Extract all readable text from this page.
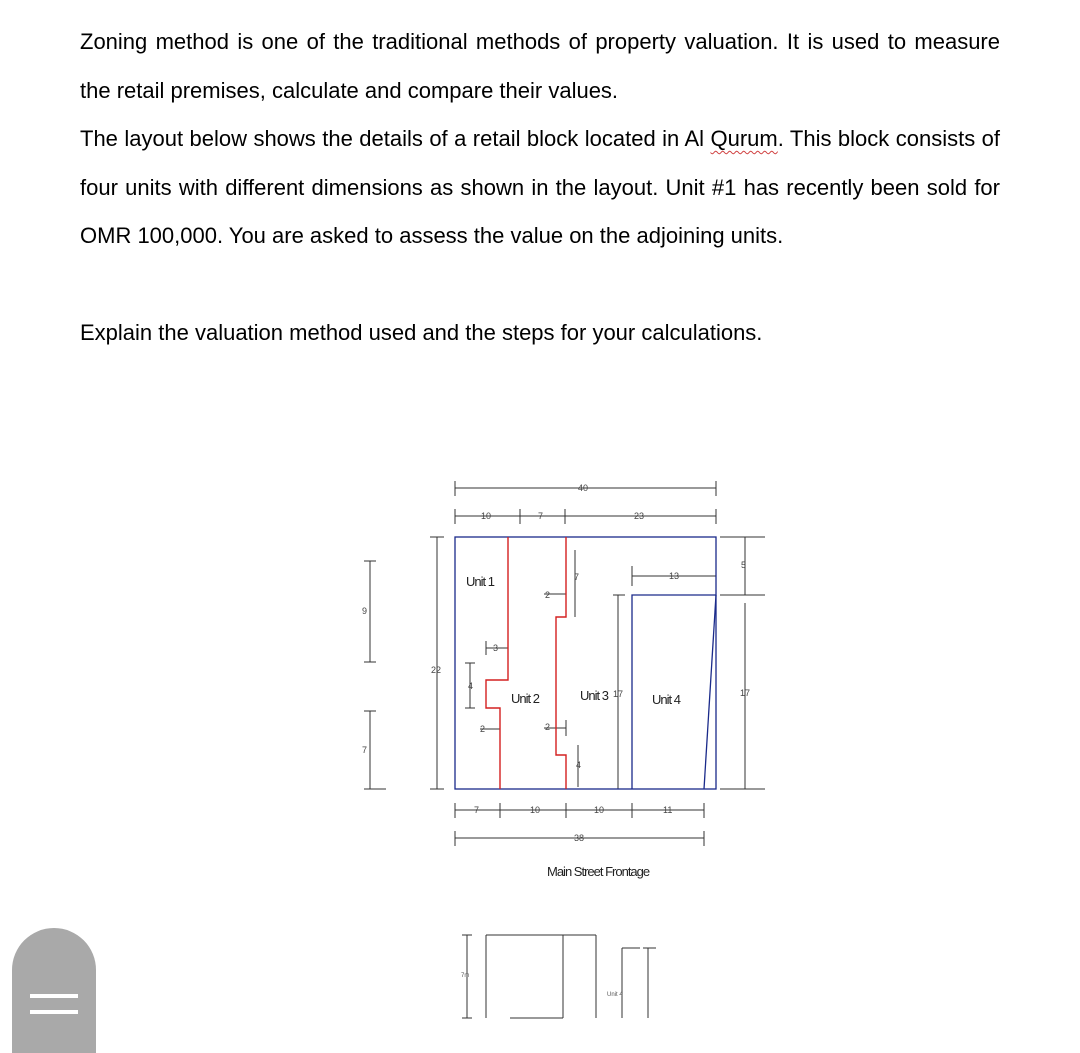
Zoning method is one of the traditional methods of property valuation. It is used to measure the retail premises, calculate and compare their values.

The layout below shows the details of a retail block located in Al Qurum. This block consists of four units with different dimensions as shown in the layout. Unit #1 has recently been sold for OMR 100,000. You are asked to assess the value on the adjoining units.

Explain the valuation method used and the steps for your calculations.

Unit 1
Unit 2	Unit 3	Unit 4
Main Street Frontage
40
10	7	23
22
9
7
3
4
2
2
2
7
4
17
13
5
17
7	10	10	11
38
7m
Unit 4
